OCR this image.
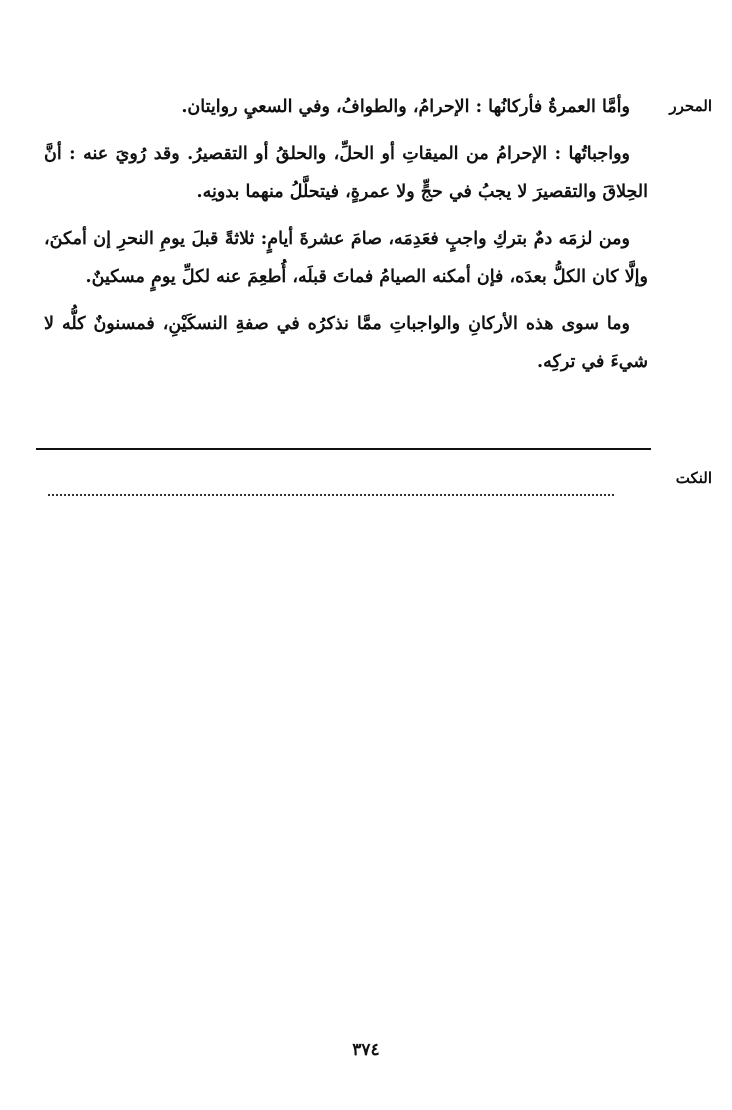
المحرر

وأمَّا العمرةُ فأركانُها : الإحرامُ، والطوافُ، وفي السعيِ روايتان.

وواجباتُها : الإحرامُ من الميقاتِ أو الحلِّ، والحلقُ أو التقصيرُ. وقد رُويَ عنه : أنَّ الحِلاقَ والتقصيرَ لا يجبُ في حجٍّ ولا عمرةٍ، فيتحلَّلُ منهما بدونِه.

ومن لزمَه دمٌ بتركِ واجبٍ فعَدِمَه، صامَ عشرةَ أيامٍ: ثلاثةً قبلَ يومِ النحرِ إن أمكنَ، وإلَّا كان الكلُّ بعدَه، فإن أمكنه الصيامُ فماتَ قبلَه، أُطعِمَ عنه لكلِّ يومٍ مسكينٌ.

وما سوى هذه الأركانِ والواجباتِ ممَّا نذكرُه في صفةِ النسكَيْنِ، فمسنونٌ كلُّه لا شيءَ في تركِه.

النكت
٣٧٤
